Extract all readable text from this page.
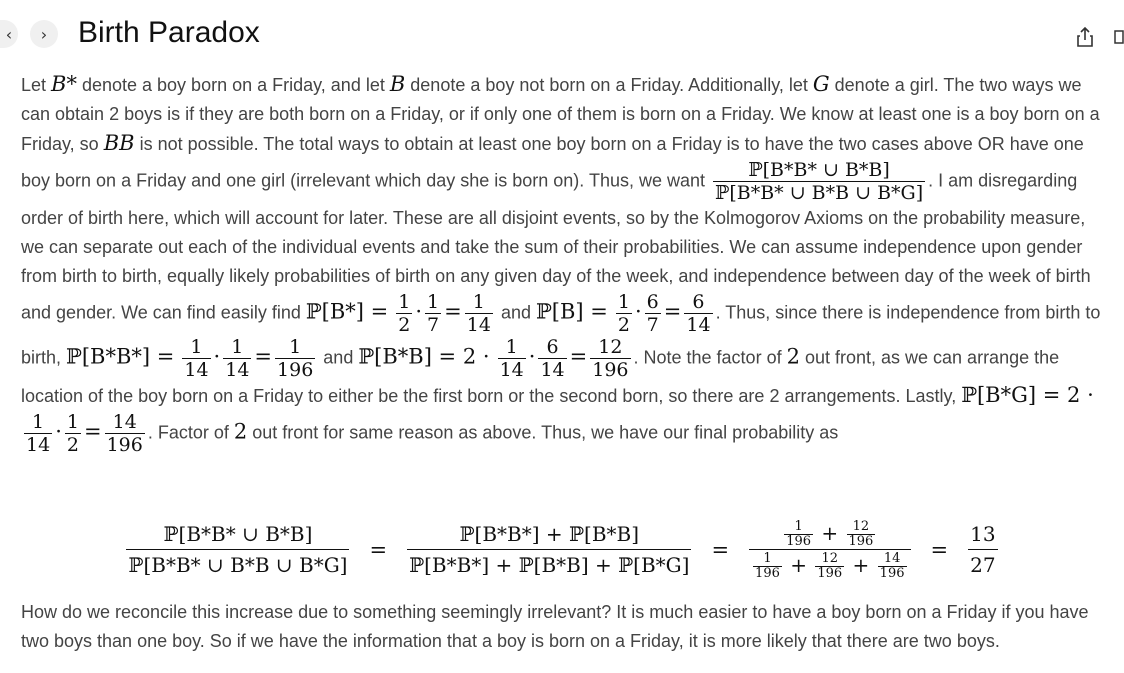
‹ › Birth Paradox

Let B* denote a boy born on a Friday, and let B denote a boy not born on a Friday. Additionally, let G denote a girl. The two ways we can obtain 2 boys is if they are both born on a Friday, or if only one of them is born on a Friday. We know at least one is a boy born on a Friday, so BB is not possible. The total ways to obtain at least one boy born on a Friday is to have the two cases above OR have one boy born on a Friday and one girl (irrelevant which day she is born on). Thus, we want $\frac{\text{ℙ[B*B* ∪ B*B]}}{\text{ℙ[B*B* ∪ B*B ∪ B*G]}}$ . I am disregarding order of birth here, which will account for later. These are all disjoint events, so by the Kolmogorov Axioms on the probability measure, we can separate out each of the individual events and take the sum of their probabilities. We can assume independence upon gender from birth to birth, equally likely probabilities of birth on any given day of the week, and independence between day of the week of birth and gender. We can find easily find ℙ[B*] = $\frac{1}{2} \cdot \frac{1}{7} = \frac{1}{14}$ and ℙ[B] = $\frac{1}{2} \cdot \frac{6}{7} = \frac{6}{14}$ . Thus, since there is independence from birth to birth, ℙ[B*B*] = $\frac{1}{14} \cdot \frac{1}{14} = \frac{1}{196}$ and ℙ[B*B] = $2 \cdot \frac{1}{14} \cdot \frac{6}{14} = \frac{12}{196}$ . Note the factor of 2 out front, as we can arrange the location of the boy born on a Friday to either be the first born or the second born, so there are 2 arrangements. Lastly, ℙ[B*G] = 2 ·
$\frac{1}{14} \cdot \frac{1}{2} = \frac{14}{196}$ . Factor of 2 out front for same reason as above. Thus, we have our final probability as

$\frac{\text{ℙ[B*B* ∪ B*B]}}{\text{ℙ[B*B* ∪ B*B ∪ B*G]}} = \frac{\text{ℙ[B*B*] + ℙ[B*B]}}{\text{ℙ[B*B*] + ℙ[B*B] + ℙ[B*G]}} = \frac{\frac{1}{196} + \frac{12}{196}}{\frac{1}{196} + \frac{12}{196} + \frac{14}{196}} = \frac{13}{27}$
How do we reconcile this increase due to something seemingly irrelevant? It is much easier to have a boy born on a Friday if you have two boys than one boy. So if we have the information that a boy is born on a Friday, it is more likely that there are two boys.
